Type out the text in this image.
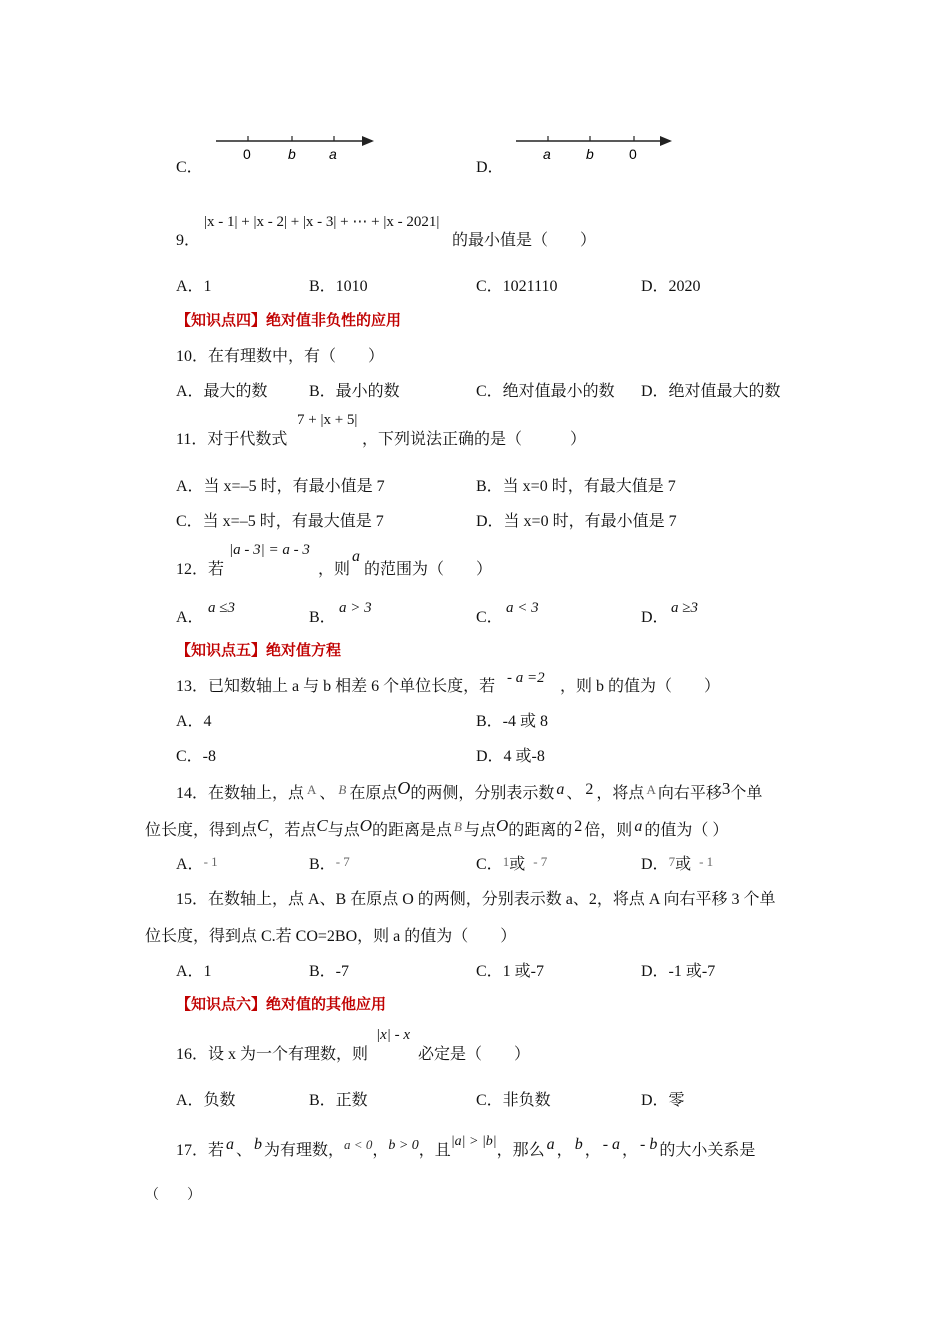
C．
0	b a
D．
a	b	0
9．
|x - 1| + |x - 2| + |x - 3| + ⋯ + |x - 2021|
的最小值是（　　）
A．1	B．1010	C．1021110	D．2020
【知识点四】绝对值非负性的应用
10．在有理数中，有（　　）
A．最大的数	B．最小的数	C．绝对值最小的数 D．绝对值最大的数
11．对于代数式
7 + |x + 5|
，下列说法正确的是（　　　）
A．当 x=–5 时，有最小值是 7	B．当 x=0 时，有最大值是 7
C．当 x=–5 时，有最大值是 7	D．当 x=0 时，有最小值是 7
12．若
|a - 3| = a - 3
，则
a
的范围为（　　）
A．
a ≤3
B．
a > 3
C．
a < 3
D．
a ≥3
【知识点五】绝对值方程
13．已知数轴上 a 与 b 相差 6 个单位长度，若 - a =2 ，则 b 的值为（　　）
A．4	B．-4 或 8
C．-8	D．4 或-8
14．在数轴上，点 $^A$ 、 $^B$ 在原点O的两侧，分别表示数 a 、 2 ，将点 $^A$ 向右平移3个单
位长度，得到点C，若点C与点O的距离是点 $^B$ 与点O的距离的 2 倍，则 a 的值为（ ）
A．- 1	B．- 7	C．1或 - 7	D．7或 - 1
15．在数轴上，点 A、B 在原点 O 的两侧，分别表示数 a、2，将点 A 向右平移 3 个单
位长度，得到点 C.若 CO=2BO，则 a 的值为（　　）
A．1	B．-7	C．1 或-7	D．-1 或-7
【知识点六】绝对值的其他应用
16．设 x 为一个有理数，则
|x| - x
必定是（　　）
A．负数	B．正数	C．非负数	D．零
17．若 a 、 b 为有理数，$^{a < 0}$，b > 0，且|a| > |b|，那么 a ， b ， - a ， - b 的大小关系是
（　　）
